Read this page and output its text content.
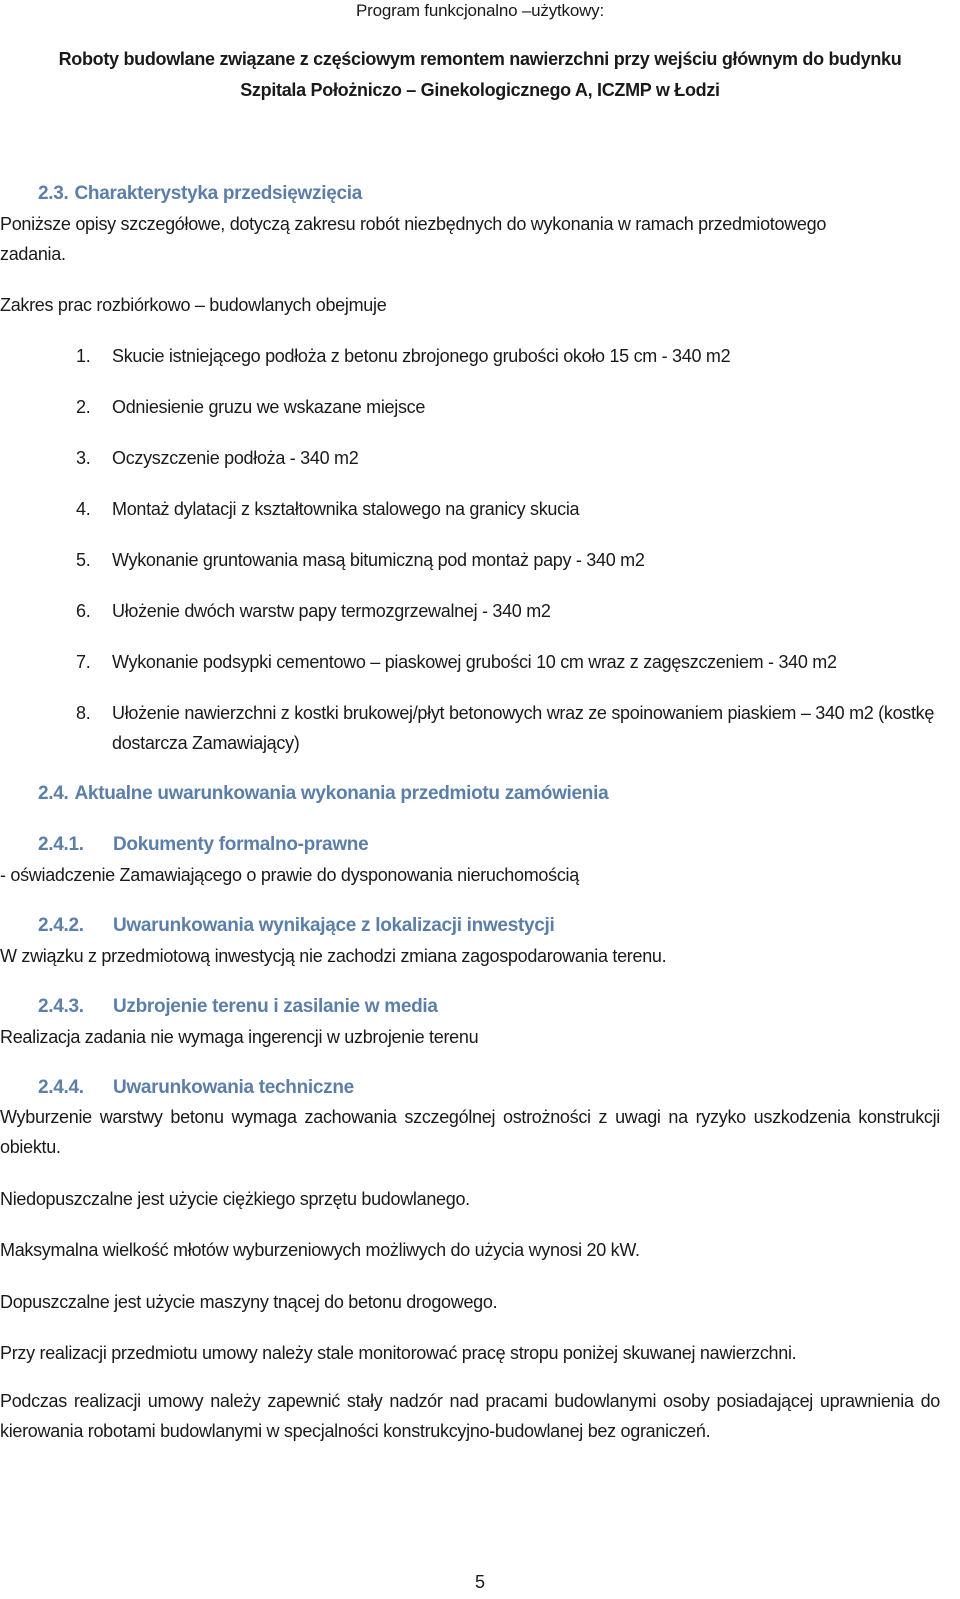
Program funkcjonalno –użytkowy:
Roboty budowlane związane z częściowym remontem nawierzchni przy wejściu głównym do budynku
Szpitala Położniczo – Ginekologicznego A, ICZMP w Łodzi
2.3. Charakterystyka przedsięwzięcia
Poniższe opisy szczegółowe, dotyczą zakresu robót niezbędnych do wykonania w ramach przedmiotowego
zadania.
Zakres prac rozbiórkowo – budowlanych obejmuje
1. Skucie istniejącego podłoża z betonu zbrojonego grubości około 15 cm - 340 m2
2. Odniesienie gruzu we wskazane miejsce
3. Oczyszczenie podłoża - 340 m2
4. Montaż dylatacji z kształtownika stalowego na granicy skucia
5. Wykonanie gruntowania masą bitumiczną pod montaż papy - 340 m2
6. Ułożenie dwóch warstw papy termozgrzewalnej - 340 m2
7. Wykonanie podsypki cementowo – piaskowej grubości 10 cm wraz z zagęszczeniem - 340 m2
8.	Ułożenie nawierzchni z kostki brukowej/płyt betonowych wraz ze spoinowaniem piaskiem – 340 m2 (kostkę dostarcza Zamawiający)
2.4. Aktualne uwarunkowania wykonania przedmiotu zamówienia
2.4.1. Dokumenty formalno-prawne
- oświadczenie Zamawiającego o prawie do dysponowania nieruchomością
2.4.2. Uwarunkowania wynikające z lokalizacji inwestycji
W związku z przedmiotową inwestycją nie zachodzi zmiana zagospodarowania terenu.
2.4.3. Uzbrojenie terenu i zasilanie w media
Realizacja zadania nie wymaga ingerencji w uzbrojenie terenu
2.4.4. Uwarunkowania techniczne
Wyburzenie warstwy betonu wymaga zachowania szczególnej ostrożności z uwagi na ryzyko uszkodzenia konstrukcji obiektu.
Niedopuszczalne jest użycie ciężkiego sprzętu budowlanego.
Maksymalna wielkość młotów wyburzeniowych możliwych do użycia wynosi 20 kW.
Dopuszczalne jest użycie maszyny tnącej do betonu drogowego.
Przy realizacji przedmiotu umowy należy stale monitorować pracę stropu poniżej skuwanej nawierzchni.
Podczas realizacji umowy należy zapewnić stały nadzór nad pracami budowlanymi osoby posiadającej uprawnienia do kierowania robotami budowlanymi w specjalności konstrukcyjno-budowlanej bez ograniczeń.
5
